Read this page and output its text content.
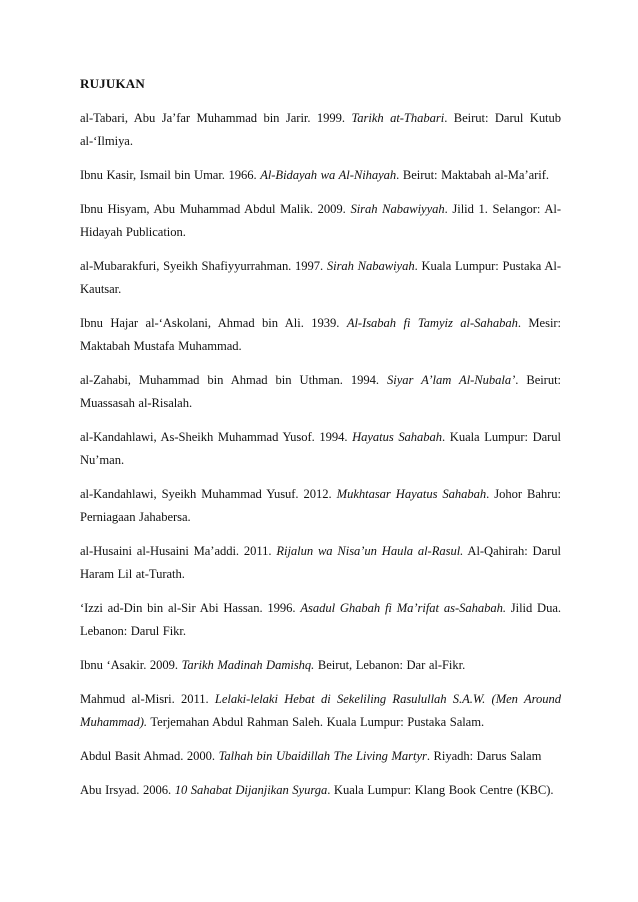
RUJUKAN

al-Tabari, Abu Ja’far Muhammad bin Jarir. 1999. Tarikh at-Thabari. Beirut: Darul Kutub al-‘Ilmiya.

Ibnu Kasir, Ismail bin Umar. 1966. Al-Bidayah wa Al-Nihayah. Beirut: Maktabah al-Ma’arif.

Ibnu Hisyam, Abu Muhammad Abdul Malik. 2009. Sirah Nabawiyyah. Jilid 1. Selangor: Al-Hidayah Publication.

al-Mubarakfuri, Syeikh Shafiyyurrahman. 1997. Sirah Nabawiyah. Kuala Lumpur: Pustaka Al-Kautsar.

Ibnu Hajar al-‘Askolani, Ahmad bin Ali. 1939. Al-Isabah fi Tamyiz al-Sahabah. Mesir: Maktabah Mustafa Muhammad.

al-Zahabi, Muhammad bin Ahmad bin Uthman. 1994. Siyar A’lam Al-Nubala’. Beirut: Muassasah al-Risalah.

al-Kandahlawi, As-Sheikh Muhammad Yusof. 1994. Hayatus Sahabah. Kuala Lumpur: Darul Nu’man.

al-Kandahlawi, Syeikh Muhammad Yusuf. 2012. Mukhtasar Hayatus Sahabah. Johor Bahru: Perniagaan Jahabersa.

al-Husaini al-Husaini Ma’addi. 2011. Rijalun wa Nisa’un Haula al-Rasul. Al-Qahirah: Darul Haram Lil at-Turath.

‘Izzi ad-Din bin al-Sir Abi Hassan. 1996. Asadul Ghabah fi Ma’rifat as-Sahabah. Jilid Dua. Lebanon: Darul Fikr.

Ibnu ‘Asakir. 2009. Tarikh Madinah Damishq. Beirut, Lebanon: Dar al-Fikr.

Mahmud al-Misri. 2011. Lelaki-lelaki Hebat di Sekeliling Rasulullah S.A.W. (Men Around Muhammad). Terjemahan Abdul Rahman Saleh. Kuala Lumpur: Pustaka Salam.

Abdul Basit Ahmad. 2000. Talhah bin Ubaidillah The Living Martyr. Riyadh: Darus Salam

Abu Irsyad. 2006. 10 Sahabat Dijanjikan Syurga. Kuala Lumpur: Klang Book Centre (KBC).
